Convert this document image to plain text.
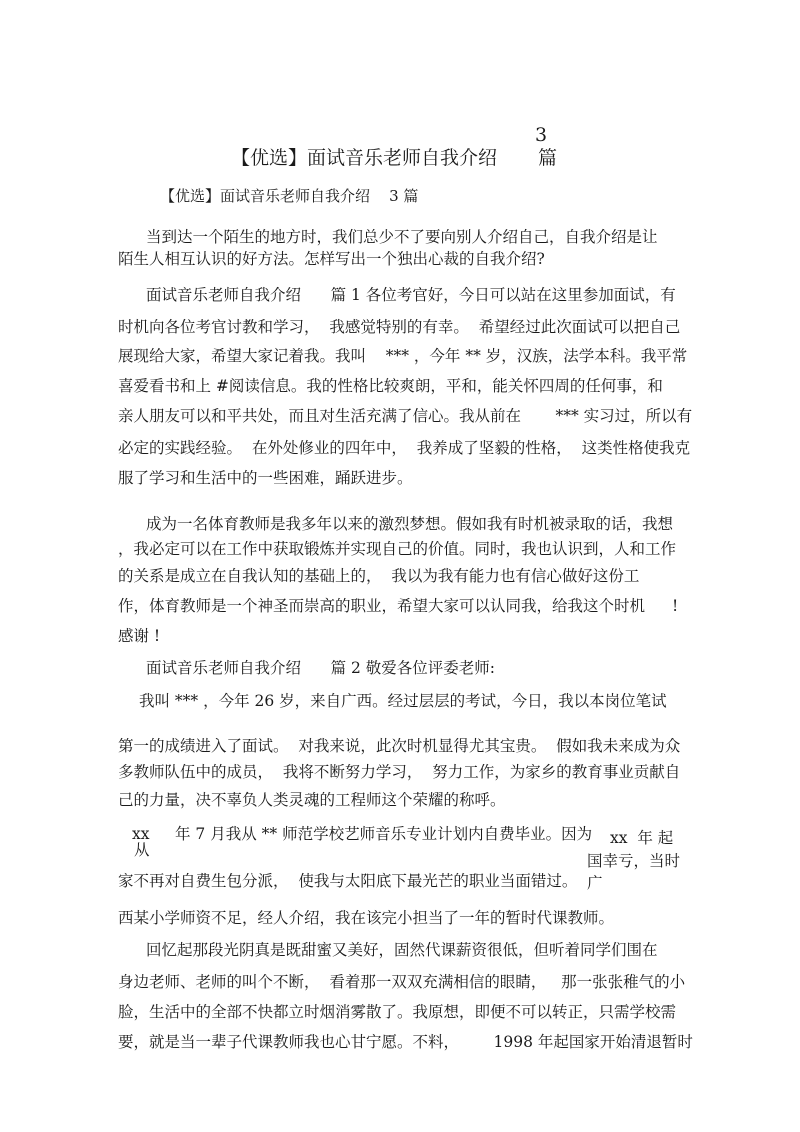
3
【优选】面试音乐老师自我介绍 篇
【优选】面试音乐老师自我介绍    3 篇
当到达一个陌生的地方时，我们总少不了要向别人介绍自己，自我介绍是让
陌生人相互认识的好方法。怎样写出一个独出心裁的自我介绍?
面试音乐老师自我介绍      篇 1 各位考官好，今日可以站在这里参加面试，有
时机向各位考官讨教和学习，  我感觉特别的有幸。  希望经过此次面试可以把自己
展现给大家，希望大家记着我。我叫    *** ，今年 ** 岁，汉族，法学本科。我平常
喜爱看书和上 #阅读信息。我的性格比较爽朗，平和，能关怀四周的任何事，和
亲人朋友可以和平共处，而且对生活充满了信心。我从前在       *** 实习过，所以有
必定的实践经验。  在外处修业的四年中，  我养成了坚毅的性格，  这类性格使我克
服了学习和生活中的一些困难，踊跃进步。
成为一名体育教师是我多年以来的激烈梦想。假如我有时机被录取的话，我想
，我必定可以在工作中获取锻炼并实现自己的价值。同时，我也认识到，人和工作
的关系是成立在自我认知的基础上的，  我以为我有能力也有信心做好这份工
作，体育教师是一个神圣而崇高的职业，希望大家可以认同我，给我这个时机 !
感谢 !
面试音乐老师自我介绍      篇 2 敬爱各位评委老师:
我叫 *** ，今年 26 岁，来自广西。经过层层的考试，今日，我以本岗位笔试
第一的成绩进入了面试。  对我来说，此次时机显得尤其宝贵。  假如我未来成为众
多教师队伍中的成员，  我将不断努力学习，  努力工作，为家乡的教育事业贡献自
己的力量，决不辜负人类灵魂的工程师这个荣耀的称呼。
xx
从
年 7 月我从 ** 师范学校艺师音乐专业计划内自费毕业。因为 xx  年 起
国幸亏，当时
广
家不再对自费生包分派，  使我与太阳底下最光芒的职业当面错过。
西某小学师资不足，经人介绍，我在该完小担当了一年的暂时代课教师。
回忆起那段光阴真是既甜蜜又美好，固然代课薪资很低，但听着同学们围在
身边老师、老师的叫个不断，  看着那一双双充满相信的眼睛，   那一张张稚气的小
脸，生活中的全部不快都立时烟消雾散了。我原想，即便不可以转正，只需学校需
要，就是当一辈子代课教师我也心甘宁愿。不料，       1998 年起国家开始清退暂时
